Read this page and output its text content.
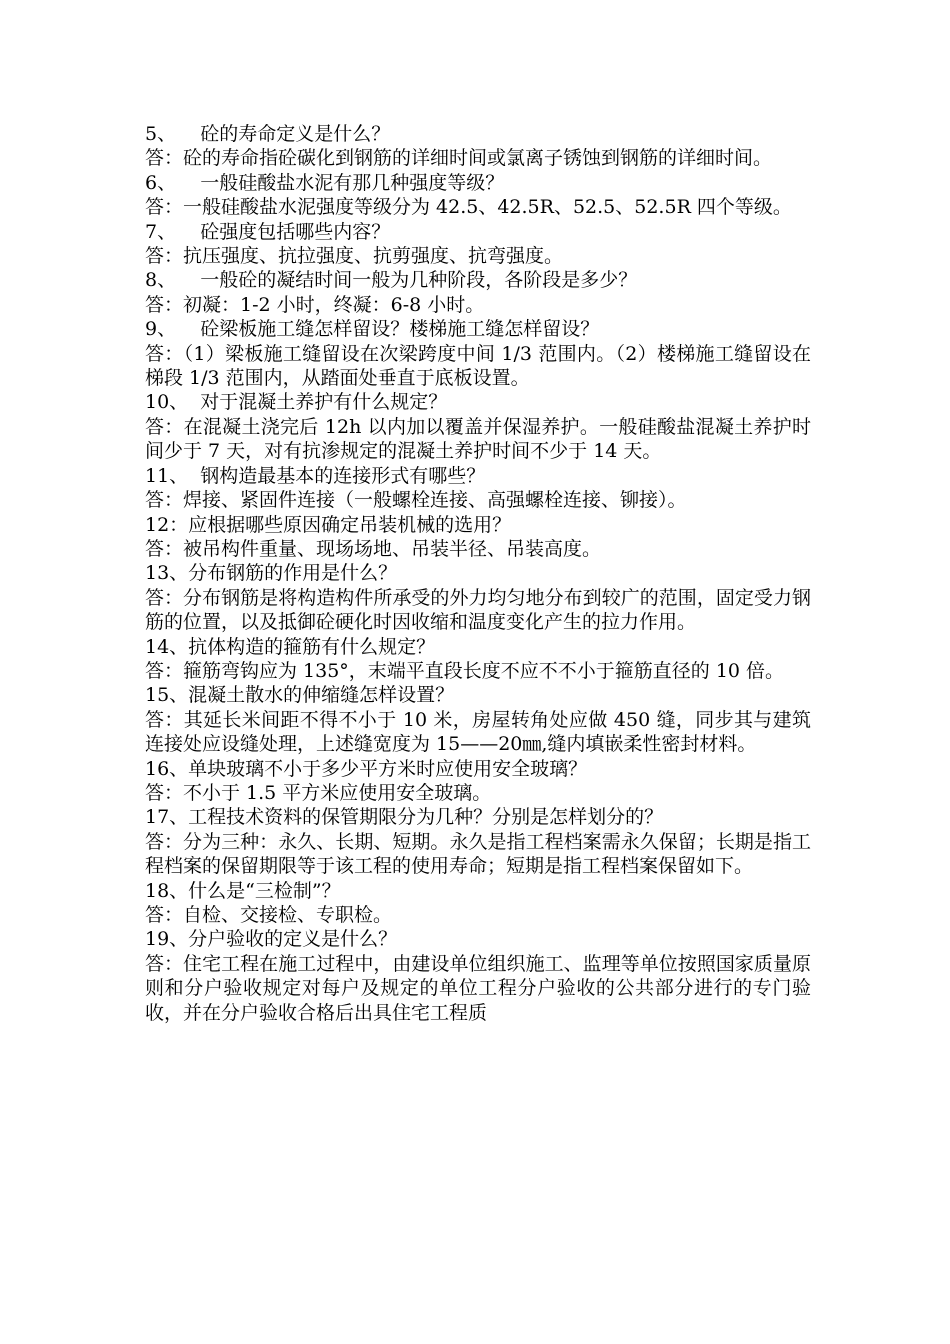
5、    砼的寿命定义是什么？

答：砼的寿命指砼碳化到钢筋的详细时间或氯离子锈蚀到钢筋的详细时间。

6、    一般硅酸盐水泥有那几种强度等级？

答：一般硅酸盐水泥强度等级分为 42.5、42.5R、52.5、52.5R 四个等级。

7、    砼强度包括哪些内容？

答：抗压强度、抗拉强度、抗剪强度、抗弯强度。

8、    一般砼的凝结时间一般为几种阶段，各阶段是多少？

答：初凝：1-2 小时，终凝：6-8 小时。

9、    砼梁板施工缝怎样留设？楼梯施工缝怎样留设？

答：（1）梁板施工缝留设在次梁跨度中间 1/3 范围内。（2）楼梯施工缝留设在梯段 1/3 范围内，从踏面处垂直于底板设置。

10、  对于混凝土养护有什么规定？

答：在混凝土浇完后 12h 以内加以覆盖并保湿养护。一般硅酸盐混凝土养护时间少于 7 天，对有抗渗规定的混凝土养护时间不少于 14 天。

11、  钢构造最基本的连接形式有哪些？

答：焊接、紧固件连接（一般螺栓连接、高强螺栓连接、铆接）。

12：应根据哪些原因确定吊装机械的选用？

答：被吊构件重量、现场场地、吊装半径、吊装高度。

13、分布钢筋的作用是什么？

答：分布钢筋是将构造构件所承受的外力均匀地分布到较广的范围，固定受力钢筋的位置，以及抵御砼硬化时因收缩和温度变化产生的拉力作用。

14、抗体构造的箍筋有什么规定？

答：箍筋弯钩应为 135°，末端平直段长度不应不不小于箍筋直径的 10 倍。

15、混凝土散水的伸缩缝怎样设置？

答：其延长米间距不得不小于 10 米，房屋转角处应做 450 缝，同步其与建筑连接处应设缝处理，上述缝宽度为 15——20㎜,缝内填嵌柔性密封材料。

16、单块玻璃不小于多少平方米时应使用安全玻璃？

答：不小于 1.5 平方米应使用安全玻璃。

17、工程技术资料的保管期限分为几种？分别是怎样划分的？

答：分为三种：永久、长期、短期。永久是指工程档案需永久保留；长期是指工程档案的保留期限等于该工程的使用寿命；短期是指工程档案保留如下。

18、什么是“三检制”？

答：自检、交接检、专职检。

19、分户验收的定义是什么？

答：住宅工程在施工过程中，由建设单位组织施工、监理等单位按照国家质量原则和分户验收规定对每户及规定的单位工程分户验收的公共部分进行的专门验收，并在分户验收合格后出具住宅工程质
